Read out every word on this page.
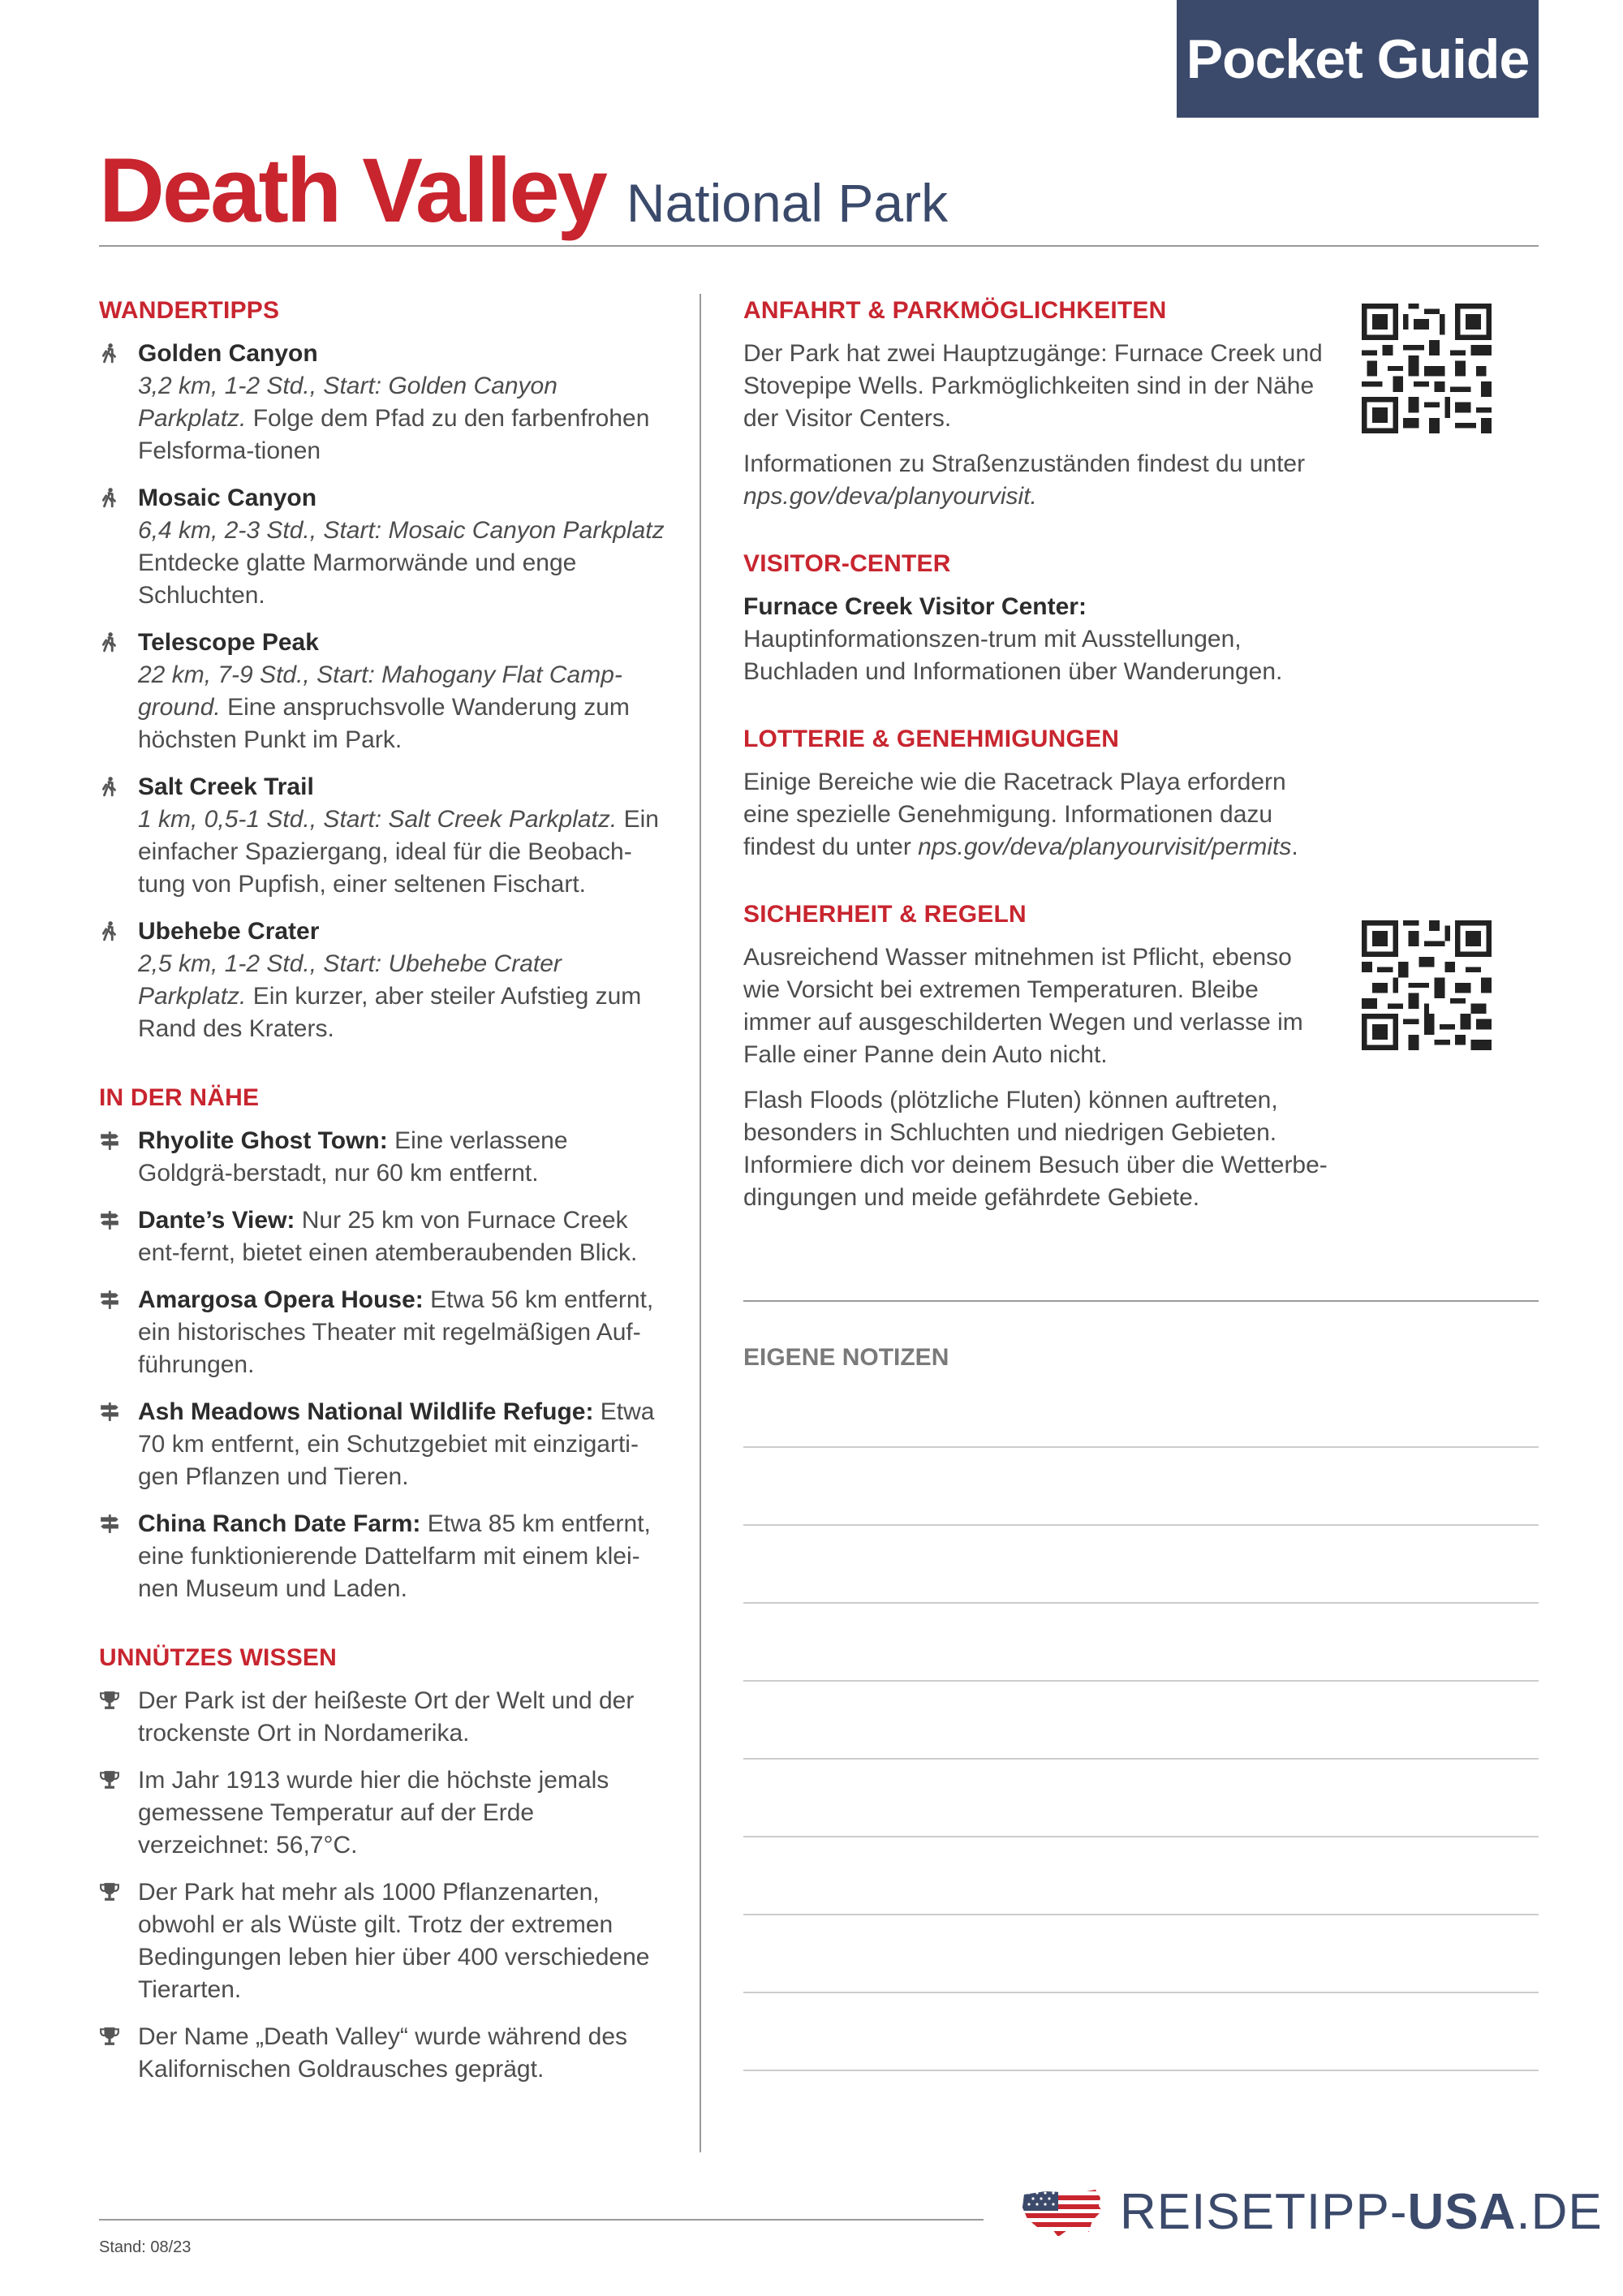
Pocket Guide
Death Valley National Park
WANDERTIPPS
Golden Canyon
3,2 km, 1-2 Std., Start: Golden Canyon Parkplatz. Folge dem Pfad zu den farbenfrohen Felsforma-tionen
Mosaic Canyon
6,4 km, 2-3 Std., Start: Mosaic Canyon Parkplatz Entdecke glatte Marmorwände und enge Schluchten.
Telescope Peak
22 km, 7-9 Std., Start: Mahogany Flat Camp-ground. Eine anspruchsvolle Wanderung zum höchsten Punkt im Park.
Salt Creek Trail
1 km, 0,5-1 Std., Start: Salt Creek Parkplatz. Ein einfacher Spaziergang, ideal für die Beobach-tung von Pupfish, einer seltenen Fischart.
Ubehebe Crater
2,5 km, 1-2 Std., Start: Ubehebe Crater Parkplatz. Ein kurzer, aber steiler Aufstieg zum Rand des Kraters.
IN DER NÄHE
Rhyolite Ghost Town: Eine verlassene Goldgrä-berstadt, nur 60 km entfernt.
Dante’s View: Nur 25 km von Furnace Creek ent-fernt, bietet einen atemberaubenden Blick.
Amargosa Opera House: Etwa 56 km entfernt, ein historisches Theater mit regelmäßigen Auf-führungen.
Ash Meadows National Wildlife Refuge: Etwa 70 km entfernt, ein Schutzgebiet mit einzigarti-gen Pflanzen und Tieren.
China Ranch Date Farm: Etwa 85 km entfernt, eine funktionierende Dattelfarm mit einem klei-nen Museum und Laden.
UNNÜTZES WISSEN
Der Park ist der heißeste Ort der Welt und der trockenste Ort in Nordamerika.
Im Jahr 1913 wurde hier die höchste jemals gemessene Temperatur auf der Erde verzeichnet: 56,7°C.
Der Park hat mehr als 1000 Pflanzenarten, obwohl er als Wüste gilt. Trotz der extremen Bedingungen leben hier über 400 verschiedene Tierarten.
Der Name „Death Valley“ wurde während des Kalifornischen Goldrausches geprägt.
ANFAHRT & PARKMÖGLICHKEITEN
Der Park hat zwei Hauptzugänge: Furnace Creek und Stovepipe Wells. Parkmöglichkeiten sind in der Nähe der Visitor Centers.
Informationen zu Straßenzuständen findest du unter nps.gov/deva/planyourvisit.
VISITOR-CENTER
Furnace Creek Visitor Center: Hauptinformationszen-trum mit Ausstellungen, Buchladen und Informationen über Wanderungen.
LOTTERIE & GENEHMIGUNGEN
Einige Bereiche wie die Racetrack Playa erfordern eine spezielle Genehmigung. Informationen dazu findest du unter nps.gov/deva/planyourvisit/permits.
SICHERHEIT & REGELN
Ausreichend Wasser mitnehmen ist Pflicht, ebenso wie Vorsicht bei extremen Temperaturen. Bleibe immer auf ausgeschilderten Wegen und verlasse im Falle einer Panne dein Auto nicht.
Flash Floods (plötzliche Fluten) können auftreten, besonders in Schluchten und niedrigen Gebieten. Informiere dich vor deinem Besuch über die Wetterbe-dingungen und meide gefährdete Gebiete.
EIGENE NOTIZEN
Stand: 08/23
REISETIPP-USA.DE
